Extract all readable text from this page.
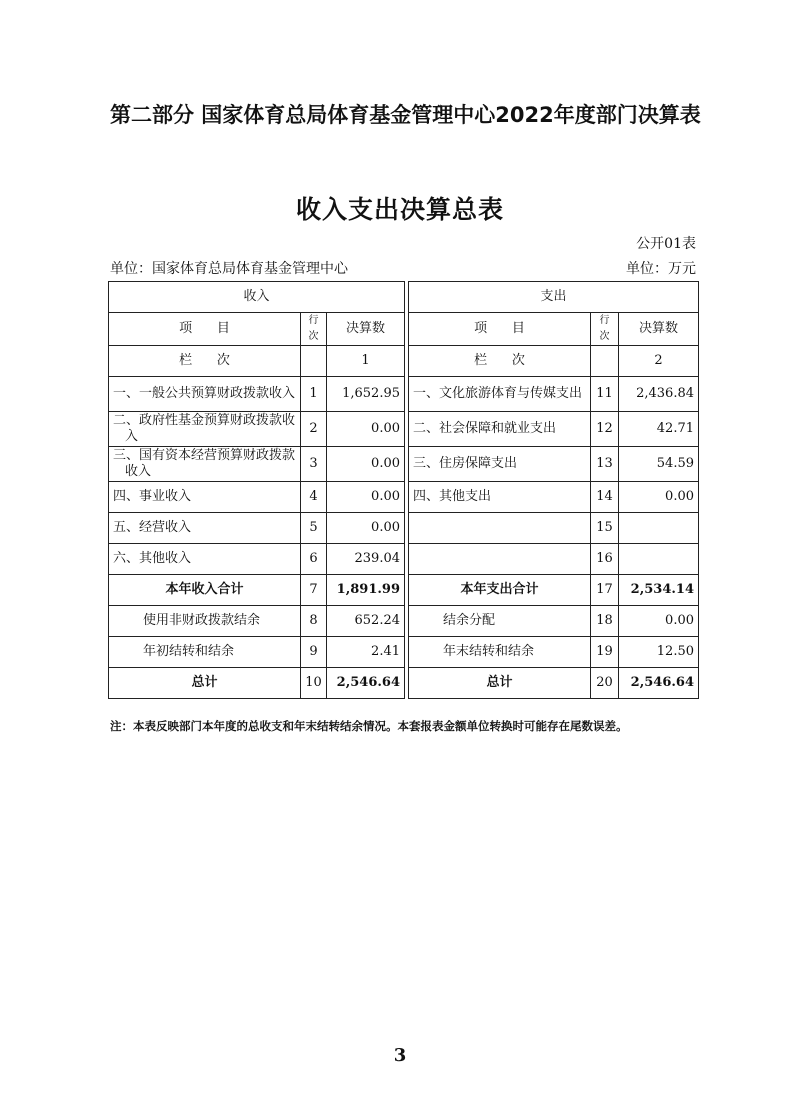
第二部分 国家体育总局体育基金管理中心2022年度部门决算表
收入支出决算总表
公开01表
单位：国家体育总局体育基金管理中心	单位：万元
收入				支出		
项      目	行次	决算数		项      目	行次	决算数
栏      次		1		栏      次		2
一、一般公共预算财政拨款收入	1	1,652.95		一、文化旅游体育与传媒支出	11	2,436.84
二、政府性基金预算财政拨款收入	2	0.00		二、社会保障和就业支出	12	42.71
三、国有资本经营预算财政拨款收入	3	0.00		三、住房保障支出	13	54.59
四、事业收入	4	0.00		四、其他支出	14	0.00
五、经营收入	5	0.00			15	
六、其他收入	6	239.04			16	
本年收入合计	7	1,891.99		本年支出合计	17	2,534.14
使用非财政拨款结余	8	652.24		结余分配	18	0.00
年初结转和结余	9	2.41		年末结转和结余	19	12.50
总计	10	2,546.64		总计	20	2,546.64
注：本表反映部门本年度的总收支和年末结转结余情况。本套报表金额单位转换时可能存在尾数误差。
3
